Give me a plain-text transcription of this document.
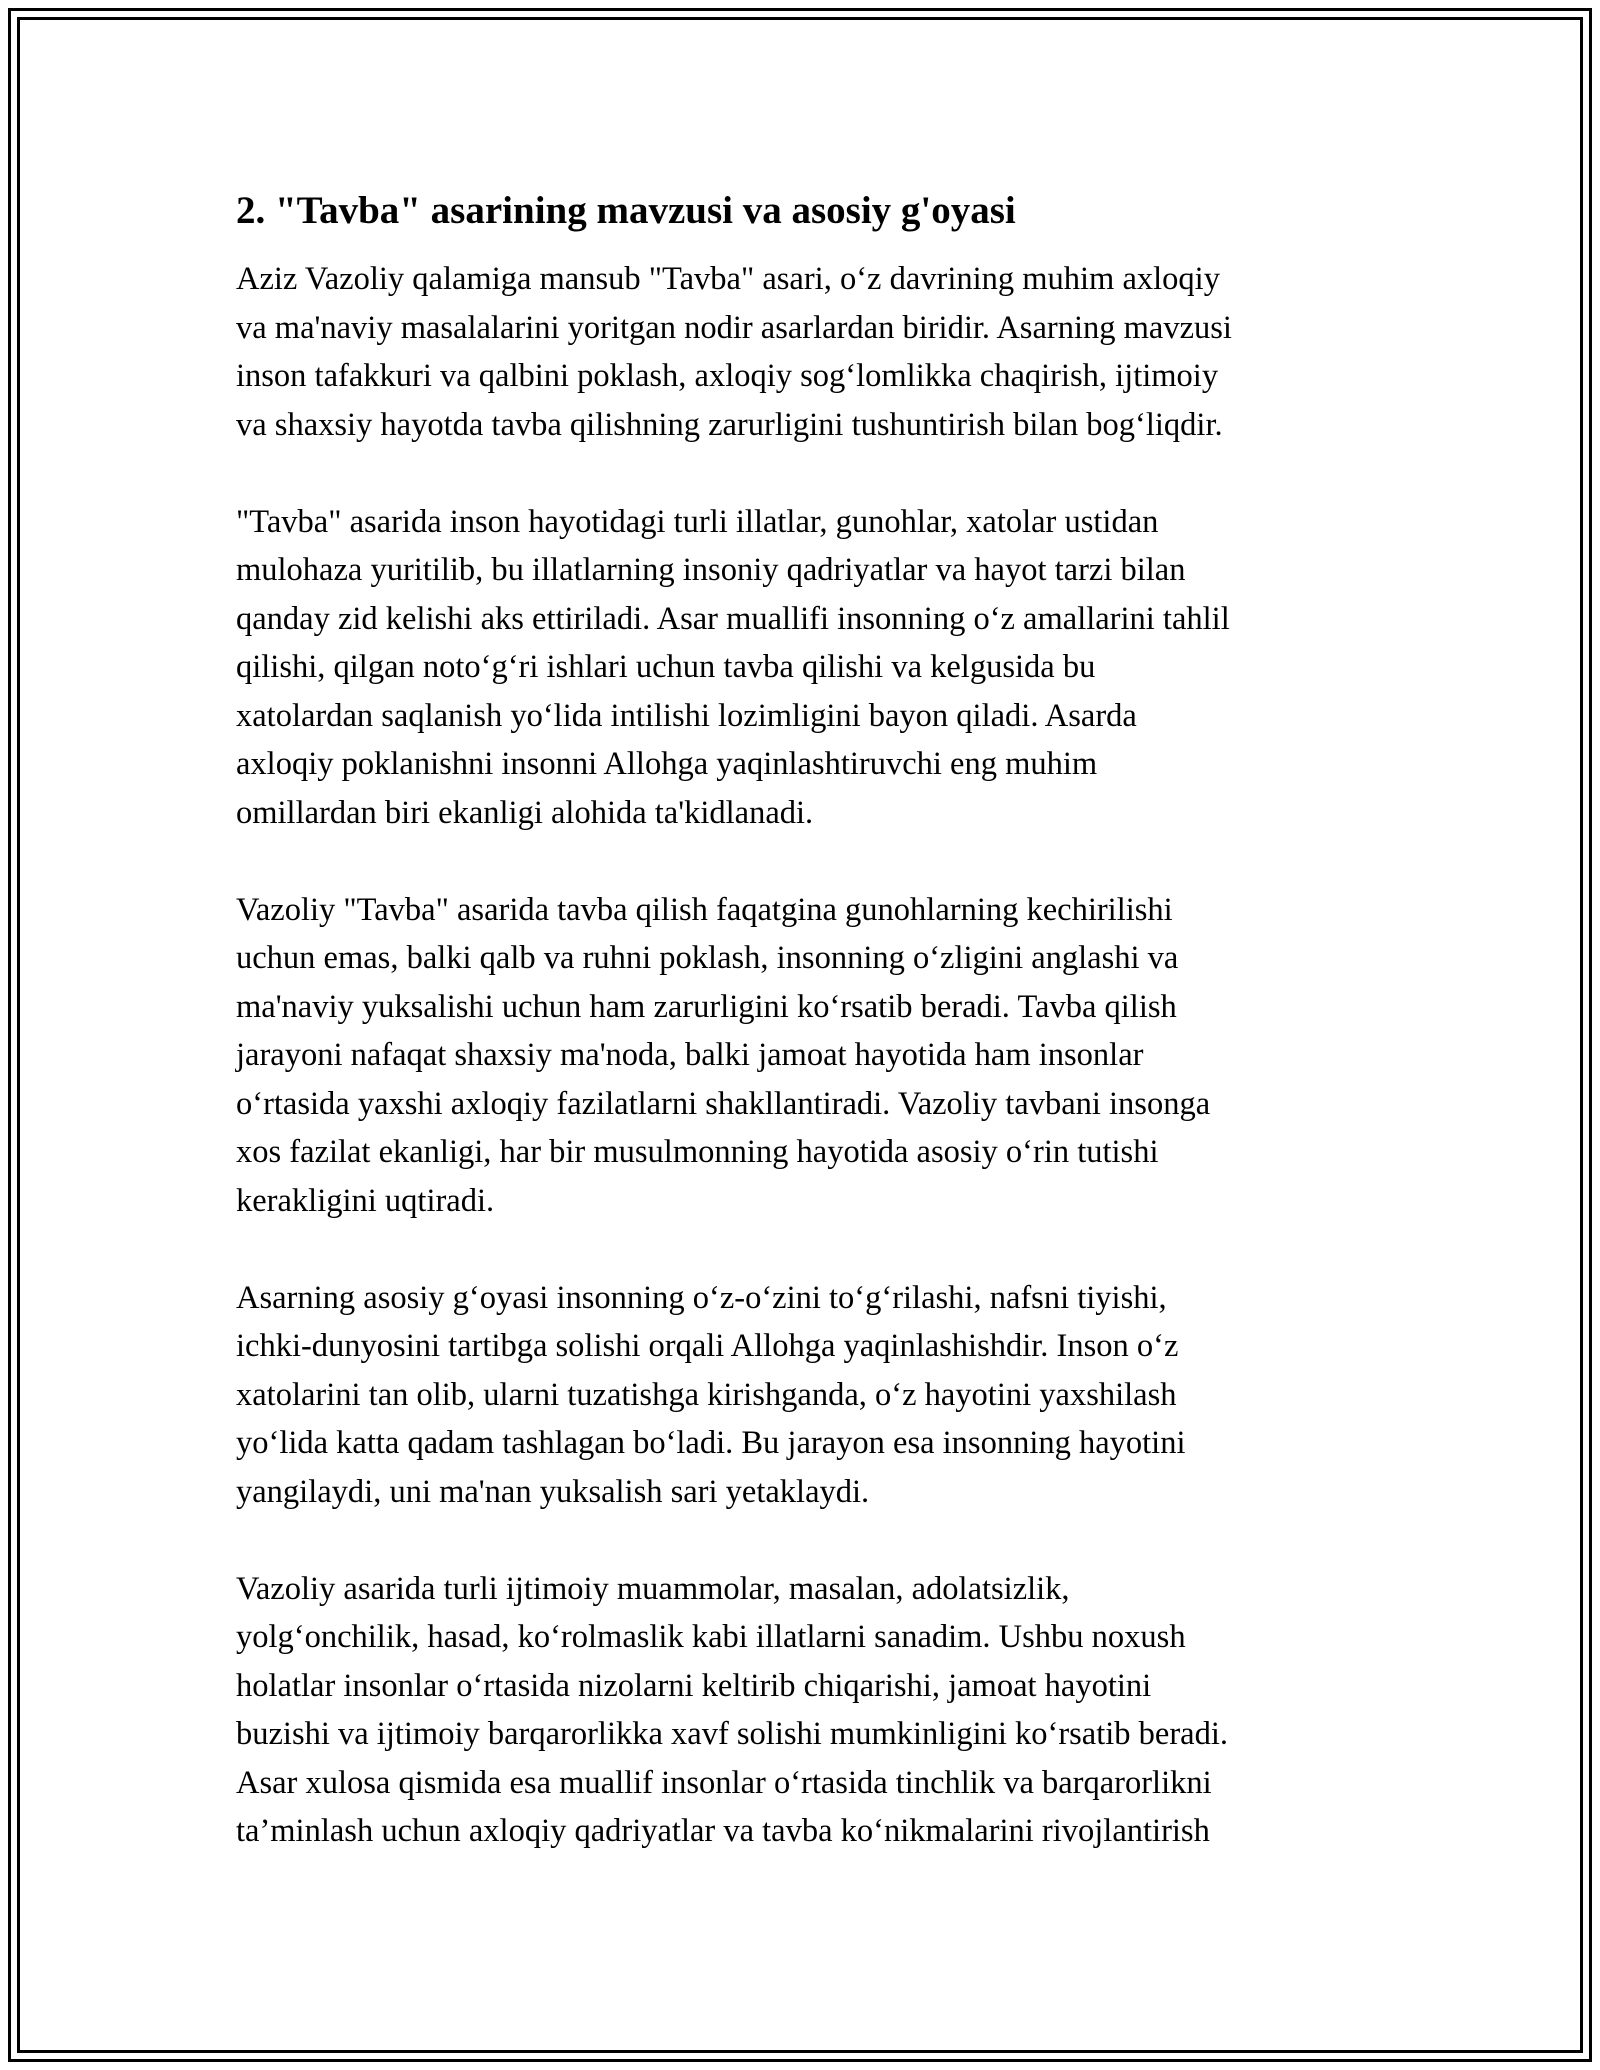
2. "Tavba" asarining mavzusi va asosiy g'oyasi

Aziz Vazoliy qalamiga mansub "Tavba" asari, o‘z davrining muhim axloqiy
va ma'naviy masalalarini yoritgan nodir asarlardan biridir. Asarning mavzusi
inson tafakkuri va qalbini poklash, axloqiy sog‘lomlikka chaqirish, ijtimoiy
va shaxsiy hayotda tavba qilishning zarurligini tushuntirish bilan bog‘liqdir.

"Tavba" asarida inson hayotidagi turli illatlar, gunohlar, xatolar ustidan
mulohaza yuritilib, bu illatlarning insoniy qadriyatlar va hayot tarzi bilan
qanday zid kelishi aks ettiriladi. Asar muallifi insonning o‘z amallarini tahlil
qilishi, qilgan noto‘g‘ri ishlari uchun tavba qilishi va kelgusida bu
xatolardan saqlanish yo‘lida intilishi lozimligini bayon qiladi. Asarda
axloqiy poklanishni insonni Allohga yaqinlashtiruvchi eng muhim
omillardan biri ekanligi alohida ta'kidlanadi.

Vazoliy "Tavba" asarida tavba qilish faqatgina gunohlarning kechirilishi
uchun emas, balki qalb va ruhni poklash, insonning o‘zligini anglashi va
ma'naviy yuksalishi uchun ham zarurligini ko‘rsatib beradi. Tavba qilish
jarayoni nafaqat shaxsiy ma'noda, balki jamoat hayotida ham insonlar
o‘rtasida yaxshi axloqiy fazilatlarni shakllantiradi. Vazoliy tavbani insonga
xos fazilat ekanligi, har bir musulmonning hayotida asosiy o‘rin tutishi
kerakligini uqtiradi.

Asarning asosiy g‘oyasi insonning o‘z-o‘zini to‘g‘rilashi, nafsni tiyishi,
ichki-dunyosini tartibga solishi orqali Allohga yaqinlashishdir. Inson o‘z
xatolarini tan olib, ularni tuzatishga kirishganda, o‘z hayotini yaxshilash
yo‘lida katta qadam tashlagan bo‘ladi. Bu jarayon esa insonning hayotini
yangilaydi, uni ma'nan yuksalish sari yetaklaydi.

Vazoliy asarida turli ijtimoiy muammolar, masalan, adolatsizlik,
yolg‘onchilik, hasad, ko‘rolmaslik kabi illatlarni sanadim. Ushbu noxush
holatlar insonlar o‘rtasida nizolarni keltirib chiqarishi, jamoat hayotini
buzishi va ijtimoiy barqarorlikka xavf solishi mumkinligini ko‘rsatib beradi.
Asar xulosa qismida esa muallif insonlar o‘rtasida tinchlik va barqarorlikni
ta’minlash uchun axloqiy qadriyatlar va tavba ko‘nikmalarini rivojlantirish
